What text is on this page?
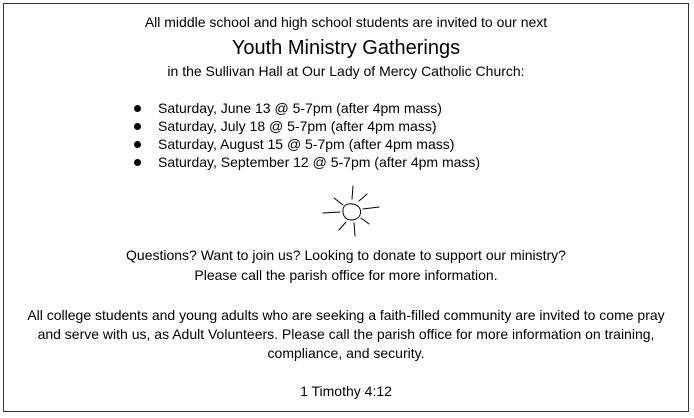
All middle school and high school students are invited to our next
Youth Ministry Gatherings
in the Sullivan Hall at Our Lady of Mercy Catholic Church:
Saturday, June 13 @ 5-7pm (after 4pm mass)
Saturday, July 18 @ 5-7pm (after 4pm mass)
Saturday, August 15 @ 5-7pm (after 4pm mass)
Saturday, September 12 @ 5-7pm (after 4pm mass)
Questions? Want to join us? Looking to donate to support our ministry?
Please call the parish office for more information.
All college students and young adults who are seeking a faith-filled community are invited to come pray
and serve with us, as Adult Volunteers. Please call the parish office for more information on training,
compliance, and security.
1 Timothy 4:12
